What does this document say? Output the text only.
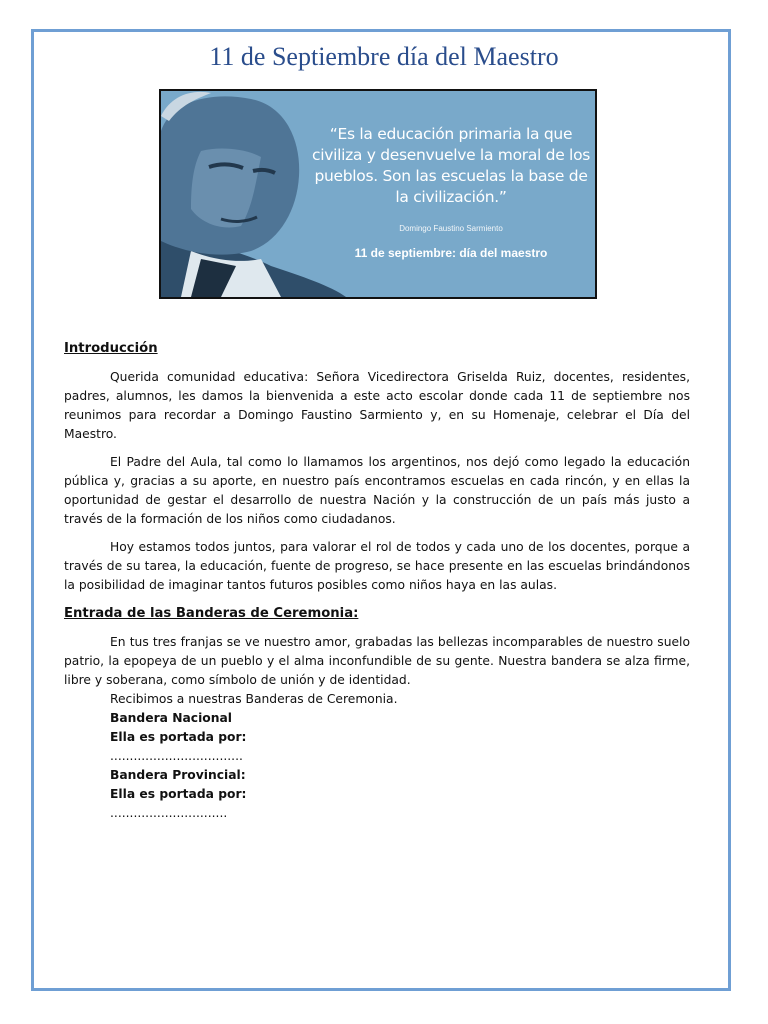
11 de Septiembre día del Maestro
“Es la educación primaria la que civiliza y desenvuelve la moral de los pueblos. Son las escuelas la base de la civilización.”
Domingo Faustino Sarmiento
11 de septiembre: día del maestro
Introducción

Querida comunidad educativa: Señora Vicedirectora Griselda Ruiz, docentes, residentes, padres, alumnos, les damos la bienvenida a este acto escolar donde cada 11 de septiembre nos reunimos para recordar a Domingo Faustino Sarmiento y, en su Homenaje, celebrar el Día del Maestro.

El Padre del Aula, tal como lo llamamos los argentinos, nos dejó como legado la educación pública y, gracias a su aporte, en nuestro país encontramos escuelas en cada rincón, y en ellas la oportunidad de gestar el desarrollo de nuestra Nación y la construcción de un país más justo a través de la formación de los niños como ciudadanos.

Hoy estamos todos juntos, para valorar el rol de todos y cada uno de los docentes, porque a través de su tarea, la educación, fuente de progreso, se hace presente en las escuelas brindándonos la posibilidad de imaginar tantos futuros posibles como niños haya en las aulas.

Entrada de las Banderas de Ceremonia:

En tus tres franjas se ve nuestro amor, grabadas las bellezas incomparables de nuestro suelo patrio, la epopeya de un pueblo y el alma inconfundible de su gente. Nuestra bandera se alza firme, libre y soberana, como símbolo de unión y de identidad.

Recibimos a nuestras Banderas de Ceremonia.
Bandera Nacional
Ella es portada por:
..................................
Bandera Provincial:
Ella es portada por:
..............................
